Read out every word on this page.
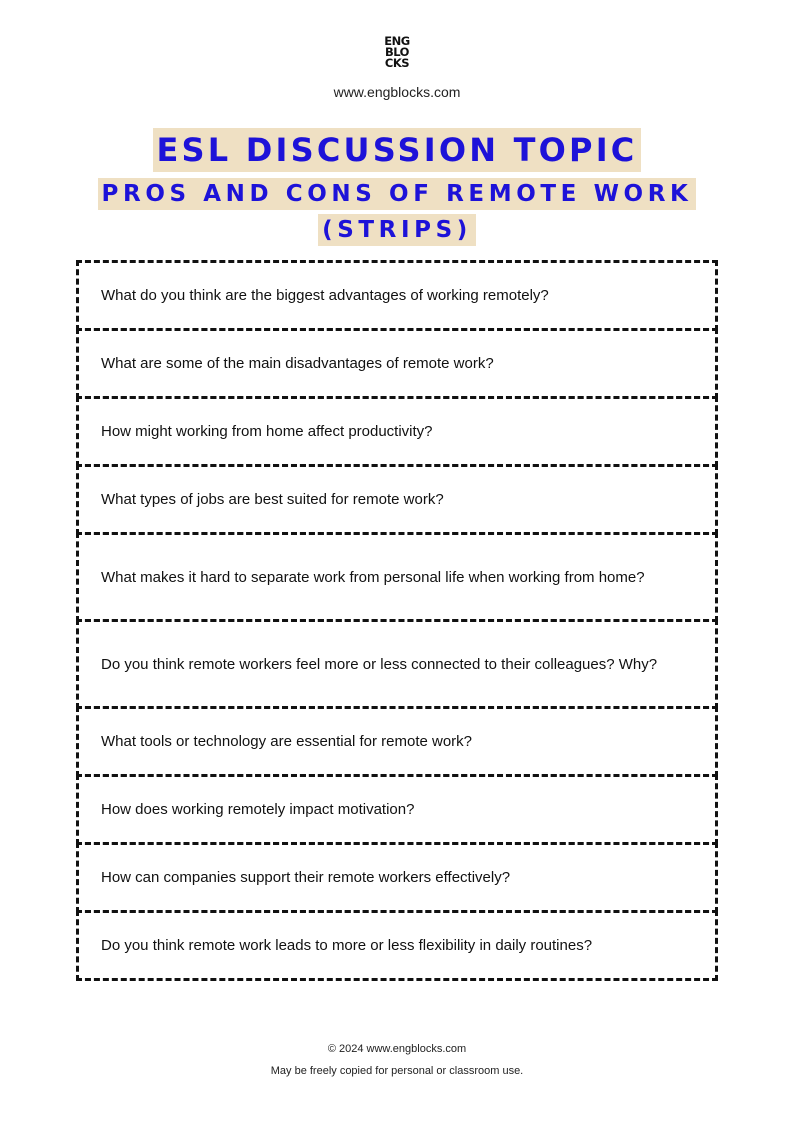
ENG
BLO
CKS
www.engblocks.com
ESL DISCUSSION TOPIC
PROS AND CONS OF REMOTE WORK
(STRIPS)
What do you think are the biggest advantages of working remotely?
What are some of the main disadvantages of remote work?
How might working from home affect productivity?
What types of jobs are best suited for remote work?
What makes it hard to separate work from personal life when working from home?
Do you think remote workers feel more or less connected to their colleagues? Why?
What tools or technology are essential for remote work?
How does working remotely impact motivation?
How can companies support their remote workers effectively?
Do you think remote work leads to more or less flexibility in daily routines?
© 2024 www.engblocks.com
May be freely copied for personal or classroom use.
